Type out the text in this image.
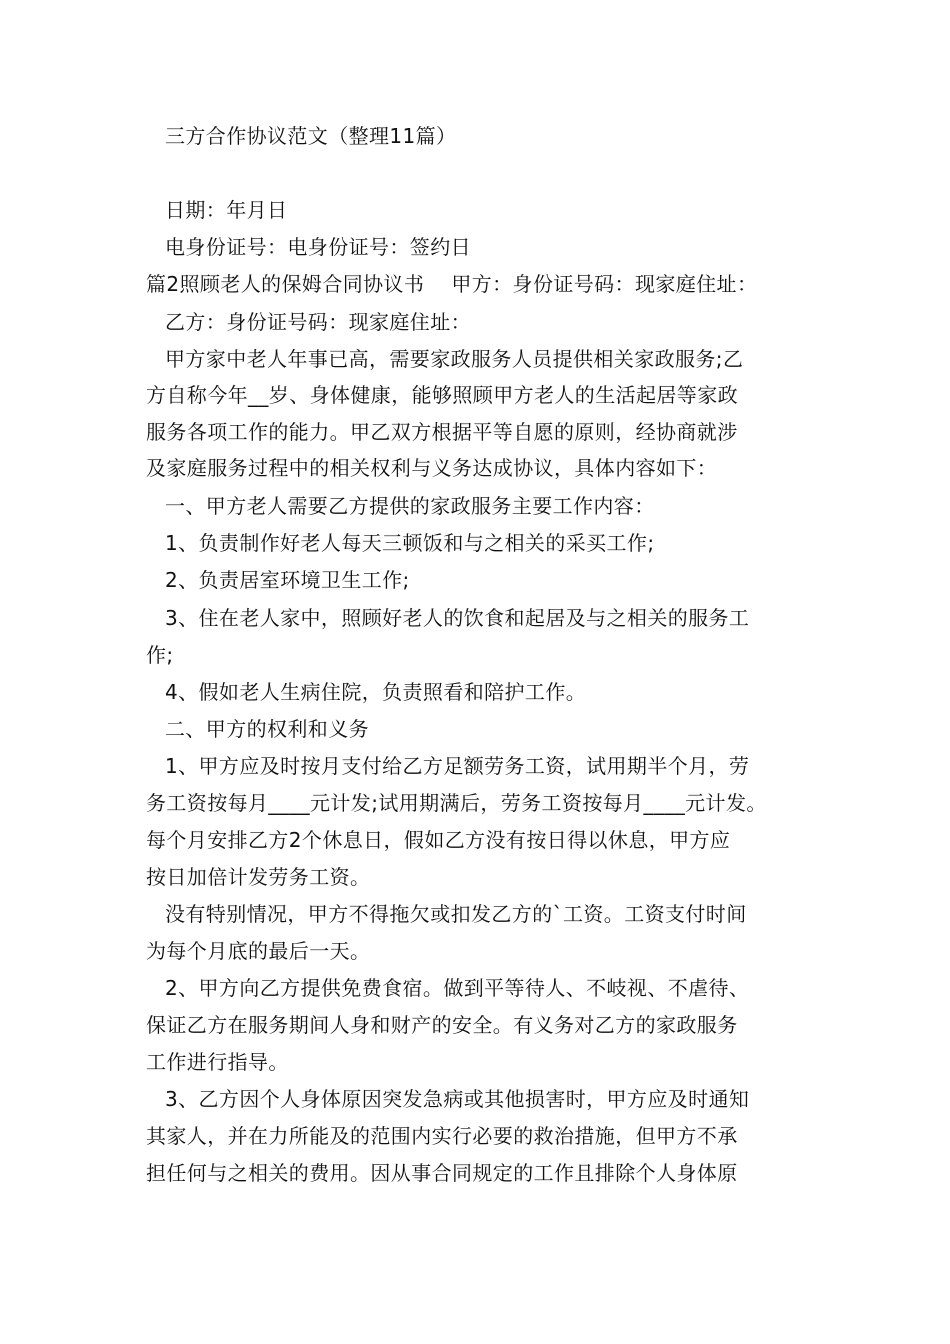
三方合作协议范文（整理11篇）
日期：年月日
电身份证号：电身份证号：签约日
篇2照顾老人的保姆合同协议书    甲方：身份证号码：现家庭住址：
乙方：身份证号码：现家庭住址：
甲方家中老人年事已高，需要家政服务人员提供相关家政服务;乙
方自称今年__岁、身体健康，能够照顾甲方老人的生活起居等家政
服务各项工作的能力。甲乙双方根据平等自愿的原则，经协商就涉
及家庭服务过程中的相关权利与义务达成协议，具体内容如下：
一、甲方老人需要乙方提供的家政服务主要工作内容：
1、负责制作好老人每天三顿饭和与之相关的采买工作;
2、负责居室环境卫生工作;
3、住在老人家中，照顾好老人的饮食和起居及与之相关的服务工
作;
4、假如老人生病住院，负责照看和陪护工作。
二、甲方的权利和义务
1、甲方应及时按月支付给乙方足额劳务工资，试用期半个月，劳
务工资按每月____元计发;试用期满后，劳务工资按每月____元计发。
每个月安排乙方2个休息日，假如乙方没有按日得以休息，甲方应
按日加倍计发劳务工资。
没有特别情况，甲方不得拖欠或扣发乙方的`工资。工资支付时间
为每个月底的最后一天。
2、甲方向乙方提供免费食宿。做到平等待人、不岐视、不虐待、
保证乙方在服务期间人身和财产的安全。有义务对乙方的家政服务
工作进行指导。
3、乙方因个人身体原因突发急病或其他损害时，甲方应及时通知
其家人，并在力所能及的范围内实行必要的救治措施，但甲方不承
担任何与之相关的费用。因从事合同规定的工作且排除个人身体原
